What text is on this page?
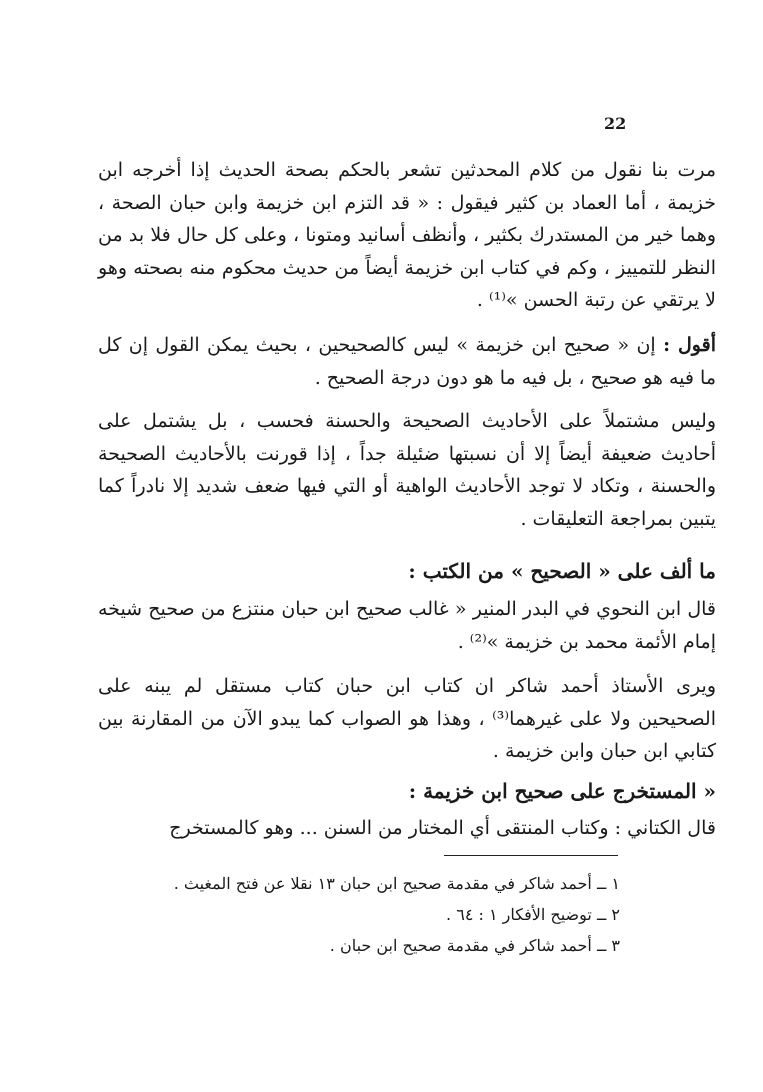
22

مرت بنا نقول من كلام المحدثين تشعر بالحكم بصحة الحديث إذا أخرجه ابن خزيمة ، أما العماد بن كثير فيقول : « قد التزم ابن خزيمة وابن حبان الصحة ، وهما خير من المستدرك بكثير ، وأنظف أسانيد ومتونا ، وعلى كل حال فلا بد من النظر للتمييز ، وكم في كتاب ابن خزيمة أيضاً من حديث محكوم منه بصحته وهو لا يرتقي عن رتبة الحسن »⁽¹⁾ .

أقول : إن « صحيح ابن خزيمة » ليس كالصحيحين ، بحيث يمكن القول إن كل ما فيه هو صحيح ، بل فيه ما هو دون درجة الصحيح .

وليس مشتملاً على الأحاديث الصحيحة والحسنة فحسب ، بل يشتمل على أحاديث ضعيفة أيضاً إلا أن نسبتها ضئيلة جداً ، إذا قورنت بالأحاديث الصحيحة والحسنة ، وتكاد لا توجد الأحاديث الواهية أو التي فيها ضعف شديد إلا نادراً كما يتبين بمراجعة التعليقات .

ما ألف على « الصحيح » من الكتب :

قال ابن النحوي في البدر المنير « غالب صحيح ابن حبان منتزع من صحيح شيخه إمام الأئمة محمد بن خزيمة »⁽²⁾ .

ويرى الأستاذ أحمد شاكر ان كتاب ابن حبان كتاب مستقل لم يبنه على الصحيحين ولا على غيرهما⁽³⁾ ، وهذا هو الصواب كما يبدو الآن من المقارنة بين كتابي ابن حبان وابن خزيمة .

« المستخرج على صحيح ابن خزيمة :

قال الكتاني : وكتاب المنتقى أي المختار من السنن ... وهو كالمستخرج

١ ــ أحمد شاكر في مقدمة صحيح ابن حبان ١٣ نقلا عن فتح المغيث .
٢ ــ توضيح الأفكار ١ : ٦٤ .
٣ ــ أحمد شاكر في مقدمة صحيح ابن حبان .
